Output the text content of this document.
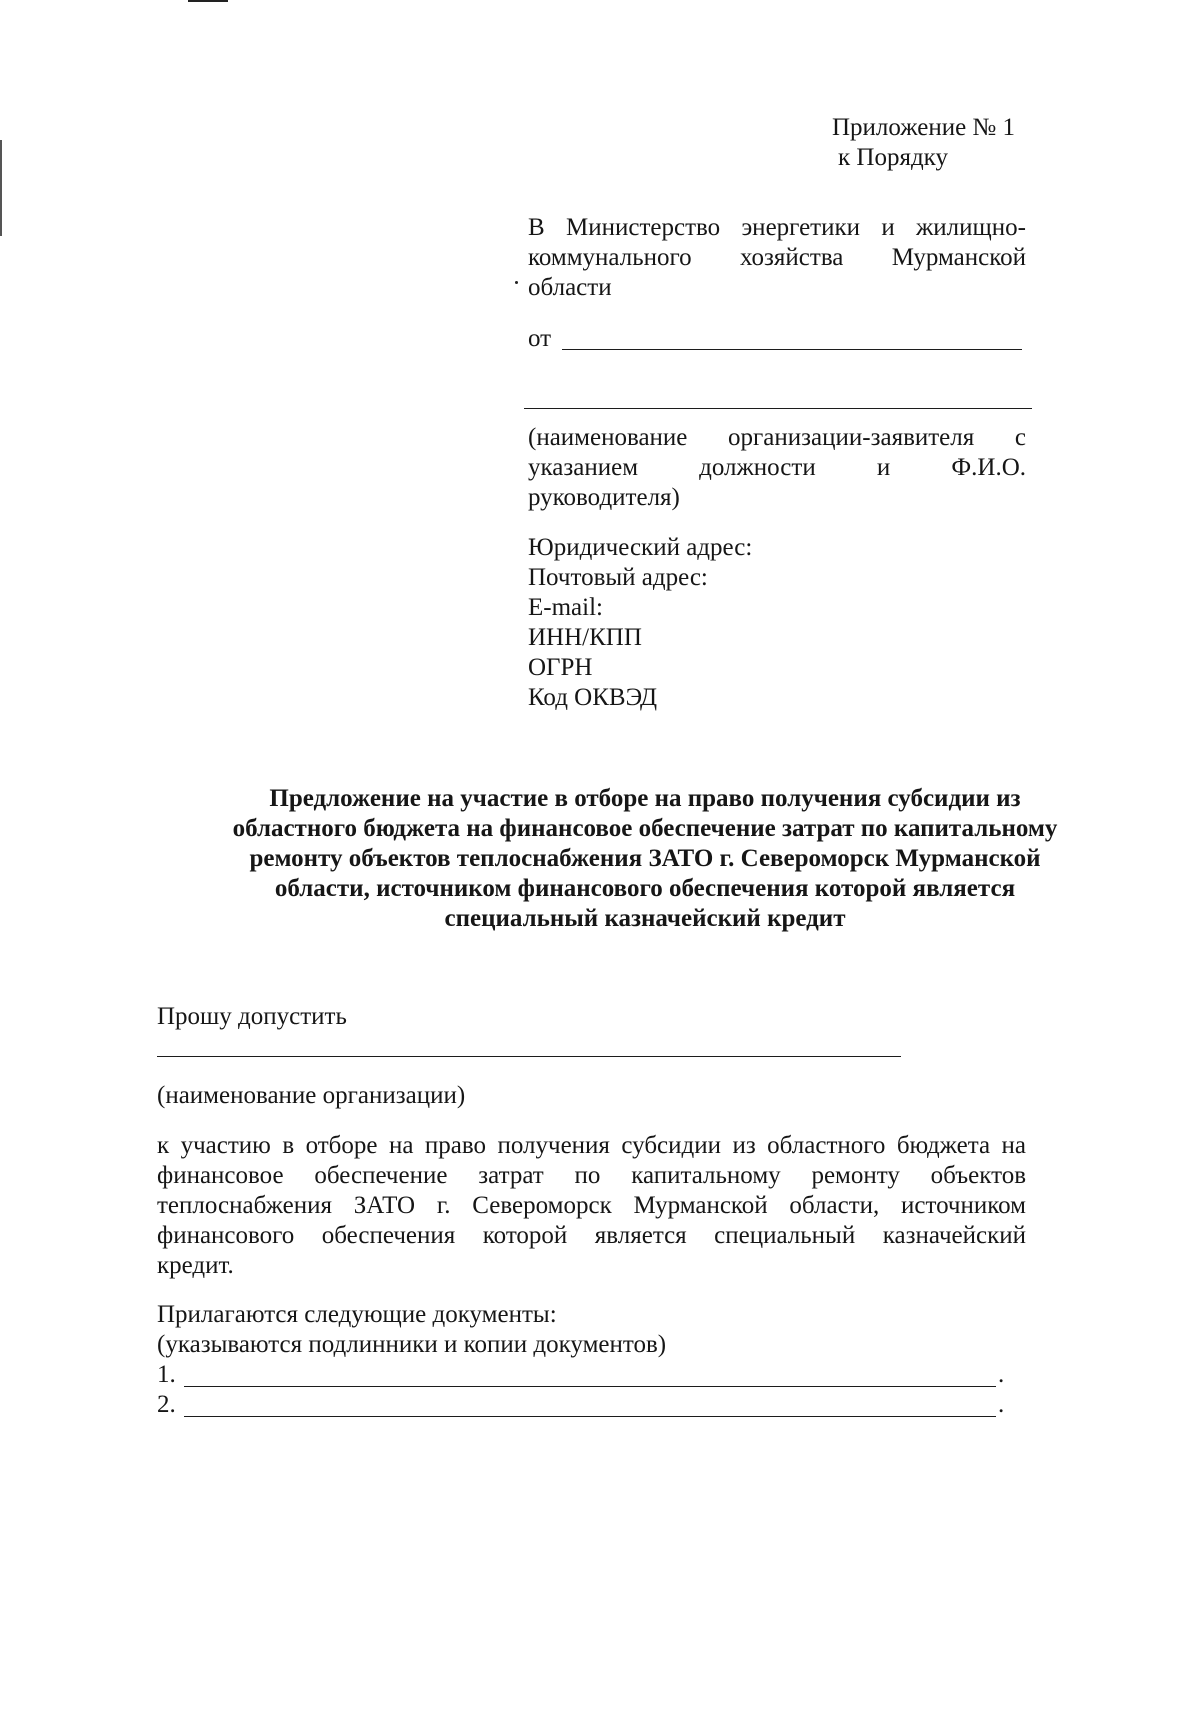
Приложение № 1
к Порядку
В Министерство энергетики и жилищно-
коммунального хозяйства Мурманской
области
от
(наименование организации-заявителя с
указанием должности и Ф.И.О.
руководителя)
Юридический адрес:
Почтовый адрес:
E-mail:
ИНН/КПП
ОГРН
Код ОКВЭД
Предложение на участие в отборе на право получения субсидии из
областного бюджета на финансовое обеспечение затрат по капитальному
ремонту объектов теплоснабжения ЗАТО г. Североморск Мурманской
области, источником финансового обеспечения которой является
специальный казначейский кредит
Прошу допустить
(наименование организации)
к участию в отборе на право получения субсидии из областного бюджета на
финансовое обеспечение затрат по капитальному ремонту объектов
теплоснабжения ЗАТО г. Североморск Мурманской области, источником
финансового обеспечения которой является специальный казначейский
кредит.
Прилагаются следующие документы:
(указываются подлинники и копии документов)
1.	.
2.	.
